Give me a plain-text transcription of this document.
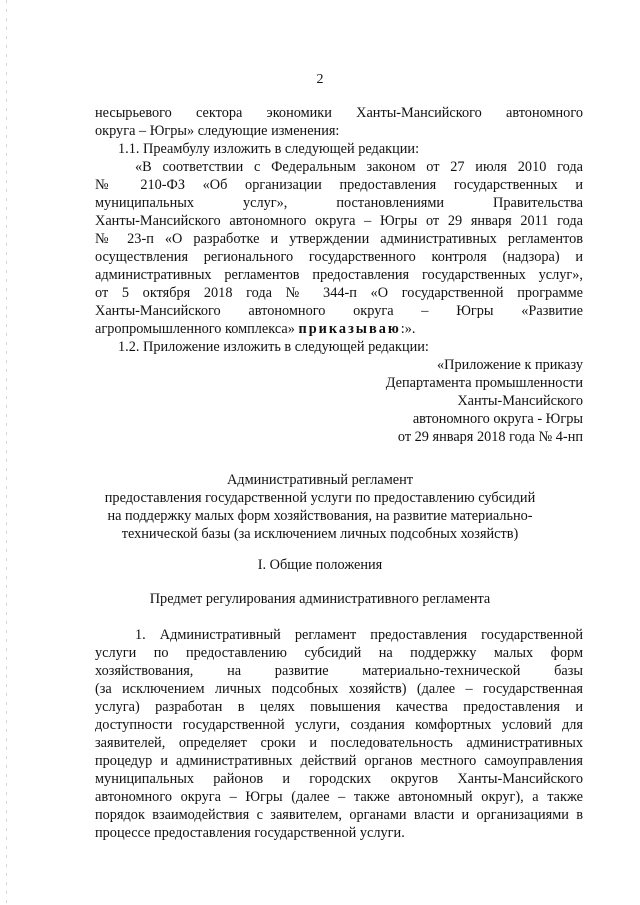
2
несырьевого сектора экономики Ханты-Мансийского автономного
округа – Югры» следующие изменения:
1.1. Преамбулу изложить в следующей редакции:
«В соответствии с Федеральным законом от 27 июля 2010 года
№ 210-ФЗ «Об организации предоставления государственных и
муниципальных услуг», постановлениями Правительства
Ханты-Мансийского автономного округа – Югры от 29 января 2011 года
№ 23-п «О разработке и утверждении административных регламентов
осуществления регионального государственного контроля (надзора) и
административных регламентов предоставления государственных услуг»,
от 5 октября 2018 года № 344-п «О государственной программе
Ханты-Мансийского автономного округа – Югры «Развитие
агропромышленного комплекса» приказываю:».
1.2. Приложение изложить в следующей редакции:
«Приложение к приказу
Департамента промышленности
Ханты-Мансийского
автономного округа - Югры
от 29 января 2018 года № 4-нп
Административный регламент
предоставления государственной услуги по предоставлению субсидий
на поддержку малых форм хозяйствования, на развитие материально-
технической базы (за исключением личных подсобных хозяйств)
I. Общие положения
Предмет регулирования административного регламента
1. Административный регламент предоставления государственной
услуги по предоставлению субсидий на поддержку малых форм
хозяйствования, на развитие материально-технической базы
(за исключением личных подсобных хозяйств) (далее – государственная
услуга) разработан в целях повышения качества предоставления и
доступности государственной услуги, создания комфортных условий для
заявителей, определяет сроки и последовательность административных
процедур и административных действий органов местного самоуправления
муниципальных районов и городских округов Ханты-Мансийского
автономного округа – Югры (далее – также автономный округ), а также
порядок взаимодействия с заявителем, органами власти и организациями в
процессе предоставления государственной услуги.
